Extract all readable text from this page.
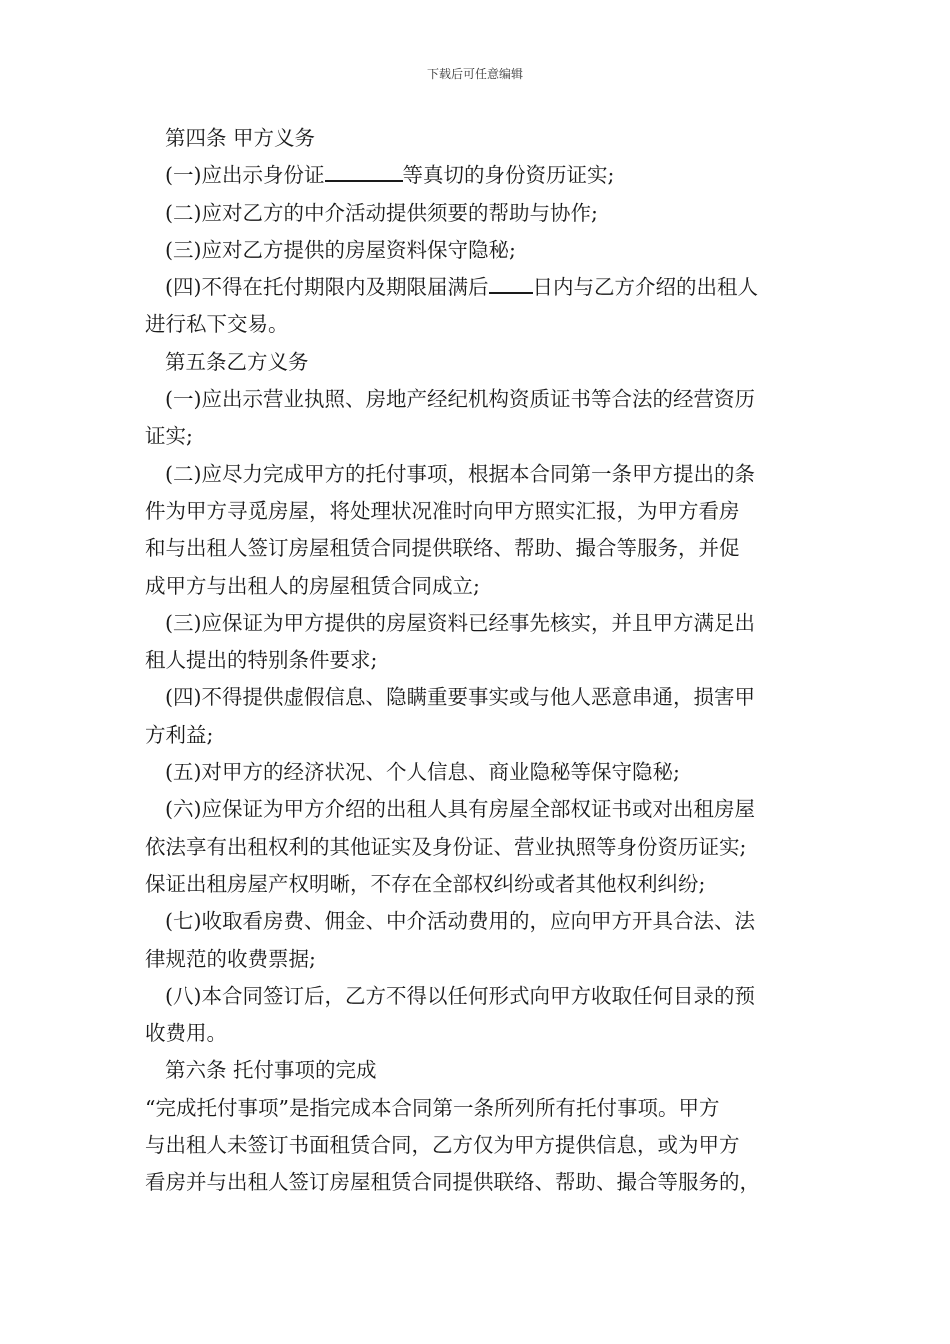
下载后可任意编辑

第四条 甲方义务

(一)应出示身份证	等真切的身份资历证实;

(二)应对乙方的中介活动提供须要的帮助与协作;

(三)应对乙方提供的房屋资料保守隐秘;

(四)不得在托付期限内及期限届满后 日内与乙方介绍的出租人
进行私下交易。

第五条乙方义务

(一)应出示营业执照、房地产经纪机构资质证书等合法的经营资历
证实;

(二)应尽力完成甲方的托付事项，根据本合同第一条甲方提出的条
件为甲方寻觅房屋，将处理状况准时向甲方照实汇报，为甲方看房
和与出租人签订房屋租赁合同提供联络、帮助、撮合等服务，并促
成甲方与出租人的房屋租赁合同成立;

(三)应保证为甲方提供的房屋资料已经事先核实，并且甲方满足出
租人提出的特别条件要求;

(四)不得提供虚假信息、隐瞒重要事实或与他人恶意串通，损害甲
方利益;

(五)对甲方的经济状况、个人信息、商业隐秘等保守隐秘;

(六)应保证为甲方介绍的出租人具有房屋全部权证书或对出租房屋
依法享有出租权利的其他证实及身份证、营业执照等身份资历证实;
保证出租房屋产权明晰，不存在全部权纠纷或者其他权利纠纷;

(七)收取看房费、佣金、中介活动费用的，应向甲方开具合法、法
律规范的收费票据;

(八)本合同签订后，乙方不得以任何形式向甲方收取任何目录的预
收费用。

第六条 托付事项的完成

“完成托付事项”是指完成本合同第一条所列所有托付事项。甲方
与出租人未签订书面租赁合同，乙方仅为甲方提供信息，或为甲方
看房并与出租人签订房屋租赁合同提供联络、帮助、撮合等服务的，
